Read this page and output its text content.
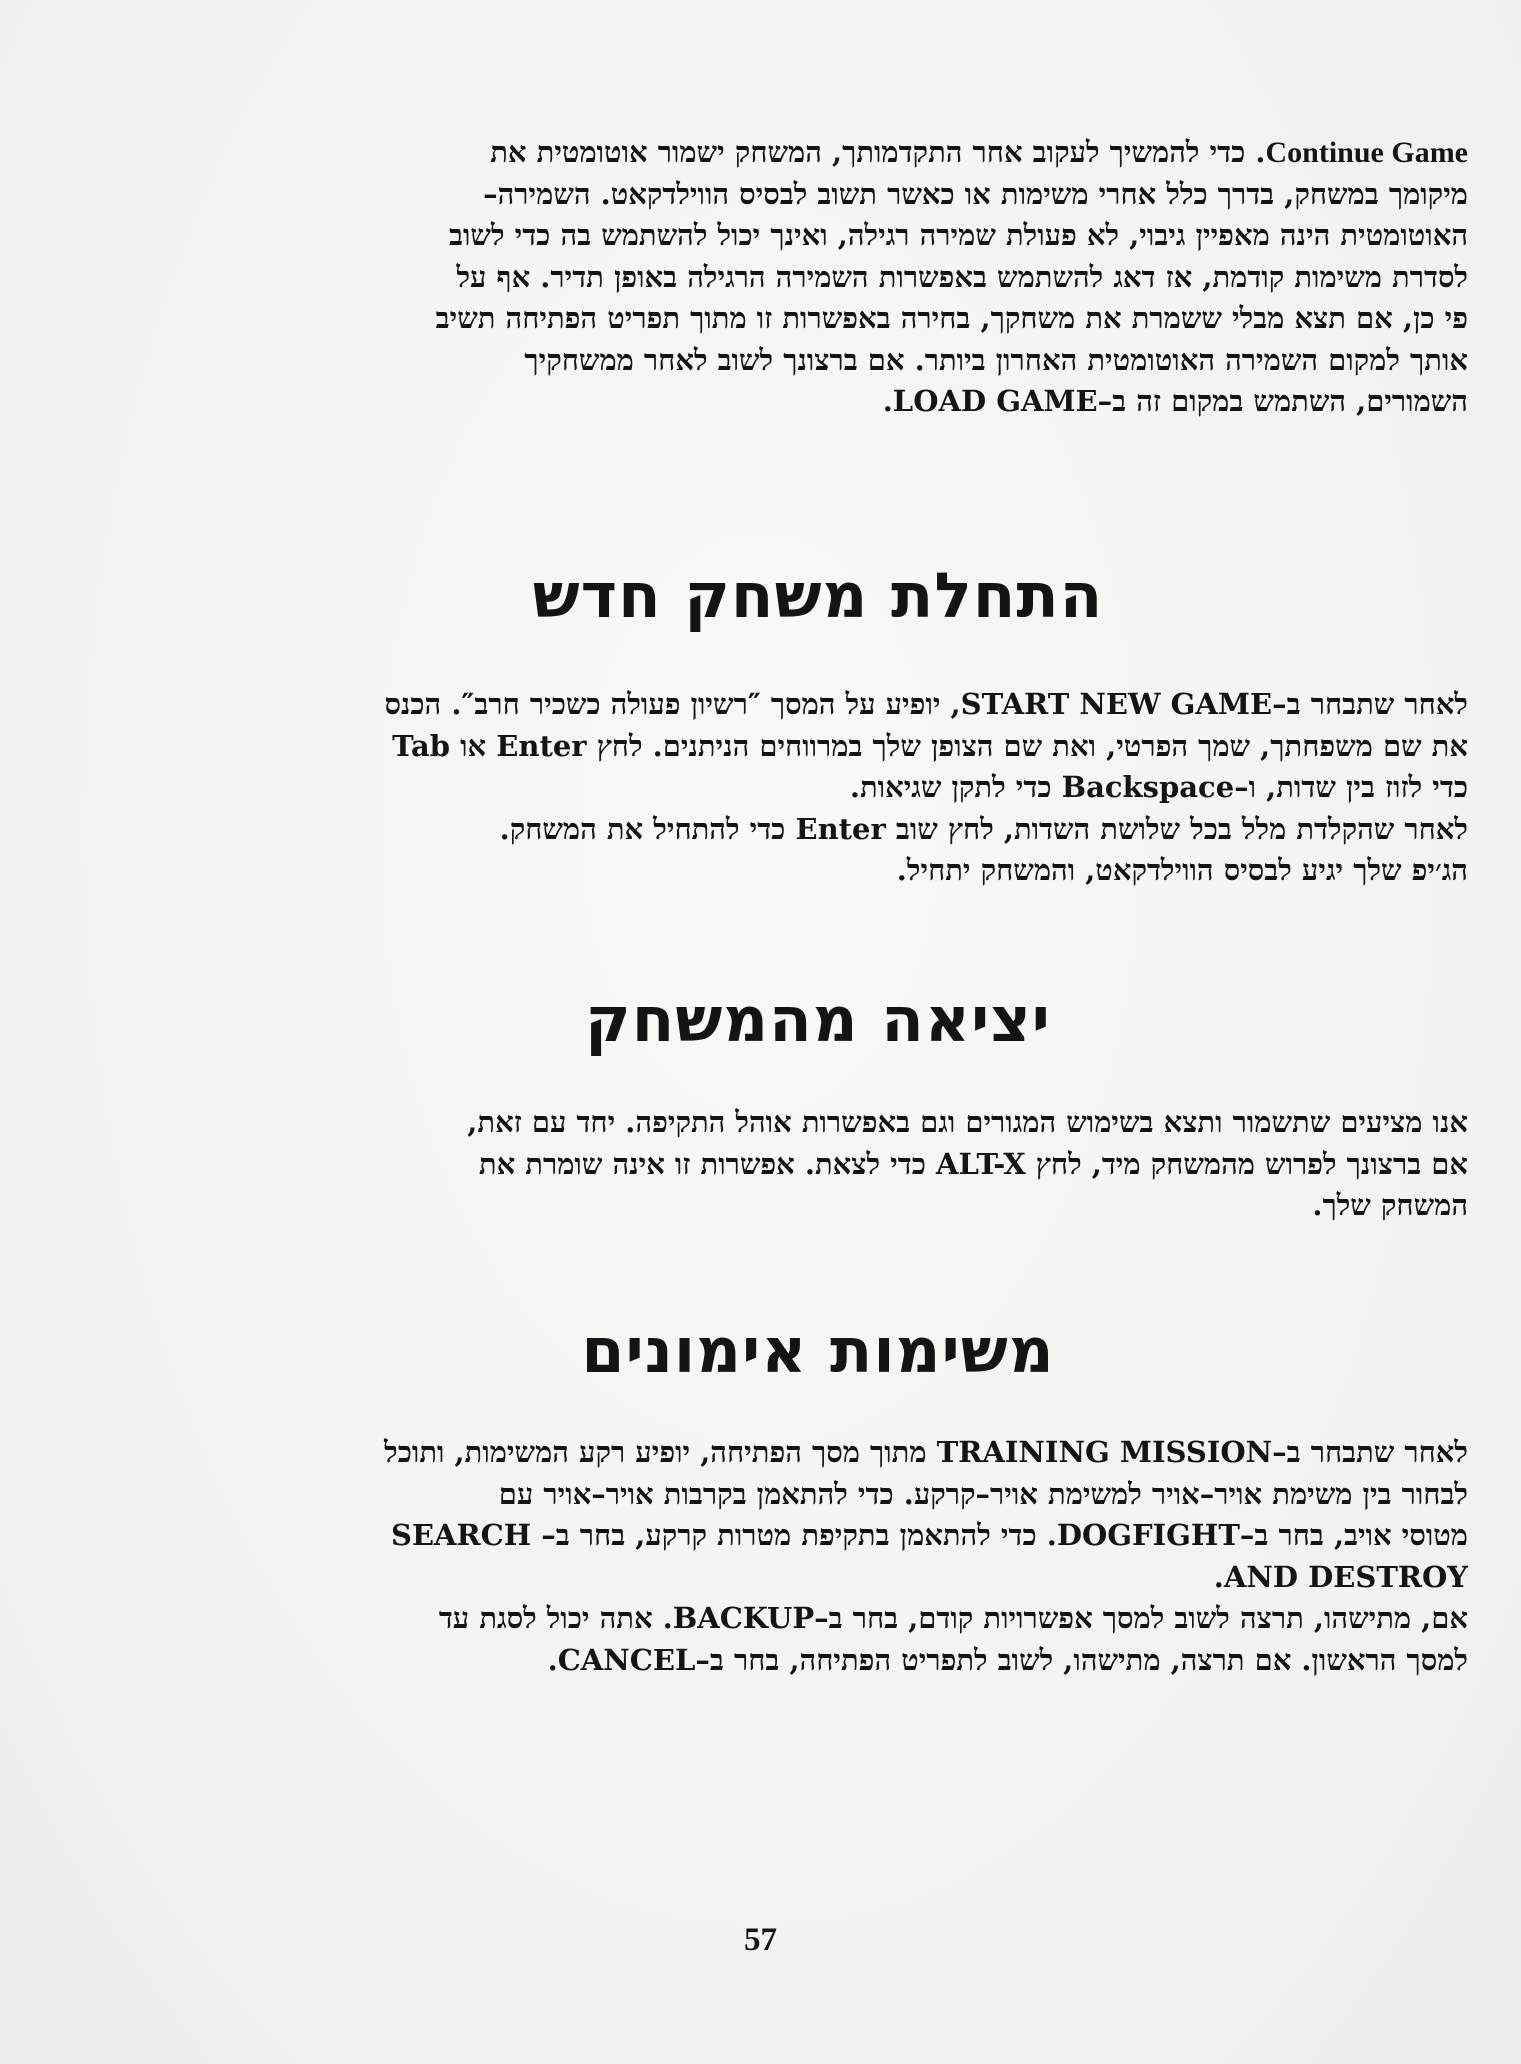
Continue Game. כדי להמשיך לעקוב אחר התקדמותך, המשחק ישמור אוטומטית את
מיקומך במשחק, בדרך כלל אחרי משימות או כאשר תשוב לבסיס הווילדקאט. השמירה–
האוטומטית הינה מאפיין גיבוי, לא פעולת שמירה רגילה, ואינך יכול להשתמש בה כדי לשוב
לסדרת משימות קודמת, אז דאג להשתמש באפשרות השמירה הרגילה באופן תדיר. אף על
פי כן, אם תצא מבלי ששמרת את משחקך, בחירה באפשרות זו מתוך תפריט הפתיחה תשיב
אותך למקום השמירה האוטומטית האחרון ביותר. אם ברצונך לשוב לאחר ממשחקיך
השמורים, השתמש במקום זה ב–LOAD GAME.

התחלת משחק חדש

לאחר שתבחר ב–START NEW GAME, יופיע על המסך ″רשיון פעולה כשכיר חרב″. הכנס
את שם משפחתך, שמך הפרטי, ואת שם הצופן שלך במרווחים הניתנים. לחץ Enter או Tab
כדי לזוז בין שדות, ו–Backspace כדי לתקן שגיאות.
לאחר שהקלדת מלל בכל שלושת השדות, לחץ שוב Enter כדי להתחיל את המשחק.
הג׳יפ שלך יגיע לבסיס הווילדקאט, והמשחק יתחיל.

יציאה מהמשחק

אנו מציעים שתשמור ותצא בשימוש המגורים וגם באפשרות אוהל התקיפה. יחד עם זאת,
אם ברצונך לפרוש מהמשחק מיד, לחץ ALT-X כדי לצאת. אפשרות זו אינה שומרת את
המשחק שלך.

משימות אימונים

לאחר שתבחר ב–TRAINING MISSION מתוך מסך הפתיחה, יופיע רקע המשימות, ותוכל
לבחור בין משימת אויר–אויר למשימת אויר–קרקע. כדי להתאמן בקרבות אויר–אויר עם
מטוסי אויב, בחר ב–DOGFIGHT. כדי להתאמן בתקיפת מטרות קרקע, בחר ב– SEARCH
AND DESTROY.
אם, מתישהו, תרצה לשוב למסך אפשרויות קודם, בחר ב–BACKUP. אתה יכול לסגת עד
למסך הראשון. אם תרצה, מתישהו, לשוב לתפריט הפתיחה, בחר ב–CANCEL.

57
